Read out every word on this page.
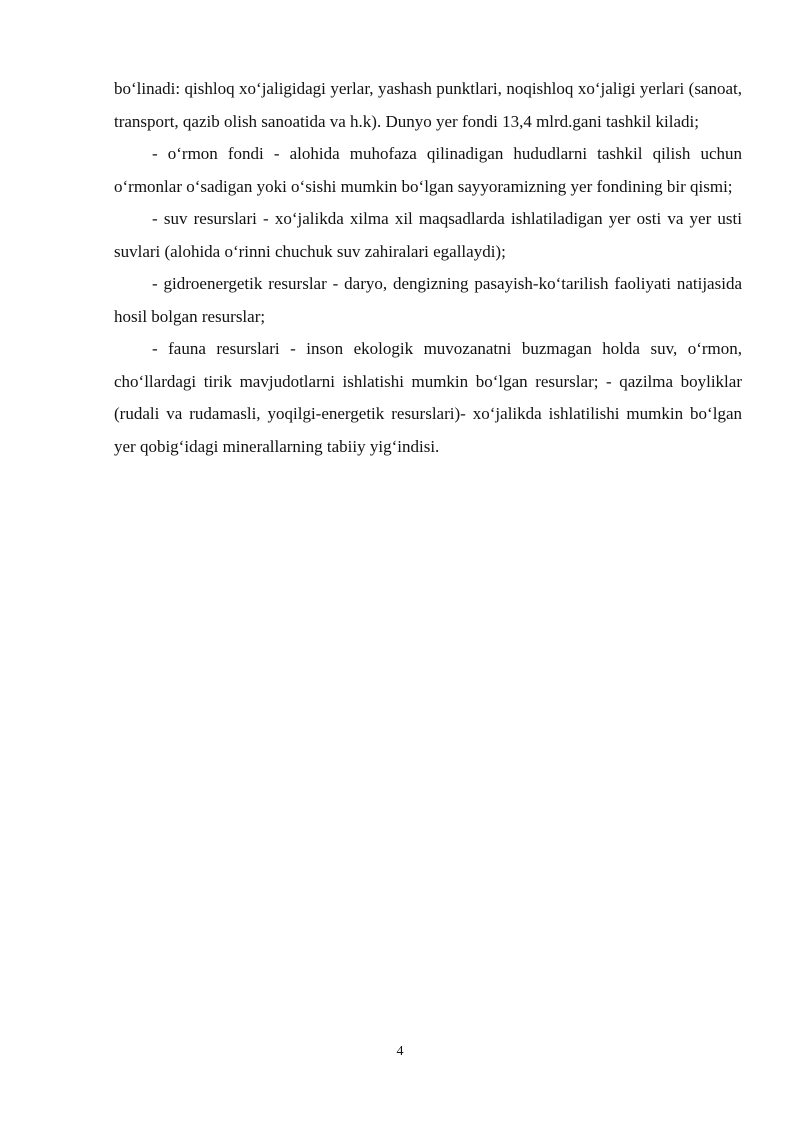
bo‘linadi: qishloq xo‘jaligidagi yerlar, yashash punktlari, noqishloq xo‘jaligi yerlari (sanoat, transport, qazib olish sanoatida va h.k). Dunyo yer fondi 13,4 mlrd.gani tashkil kiladi;

- o‘rmon fondi - alohida muhofaza qilinadigan hududlarni tashkil qilish uchun o‘rmonlar o‘sadigan yoki o‘sishi mumkin bo‘lgan sayyoramizning yer fondining bir qismi;

- suv resurslari - xo‘jalikda xilma xil maqsadlarda ishlatiladigan yer osti va yer usti suvlari (alohida o‘rinni chuchuk suv zahiralari egallaydi);

- gidroenergetik resurslar - daryo, dengizning pasayish-ko‘tarilish faoliyati natijasida hosil bolgan resurslar;

- fauna resurslari - inson ekologik muvozanatni buzmagan holda suv, o‘rmon, cho‘llardagi tirik mavjudotlarni ishlatishi mumkin bo‘lgan resurslar; - qazilma boyliklar (rudali va rudamasli, yoqilgi-energetik resurslari)- xo‘jalikda ishlatilishi mumkin bo‘lgan yer qobig‘idagi minerallarning tabiiy yig‘indisi.

4
